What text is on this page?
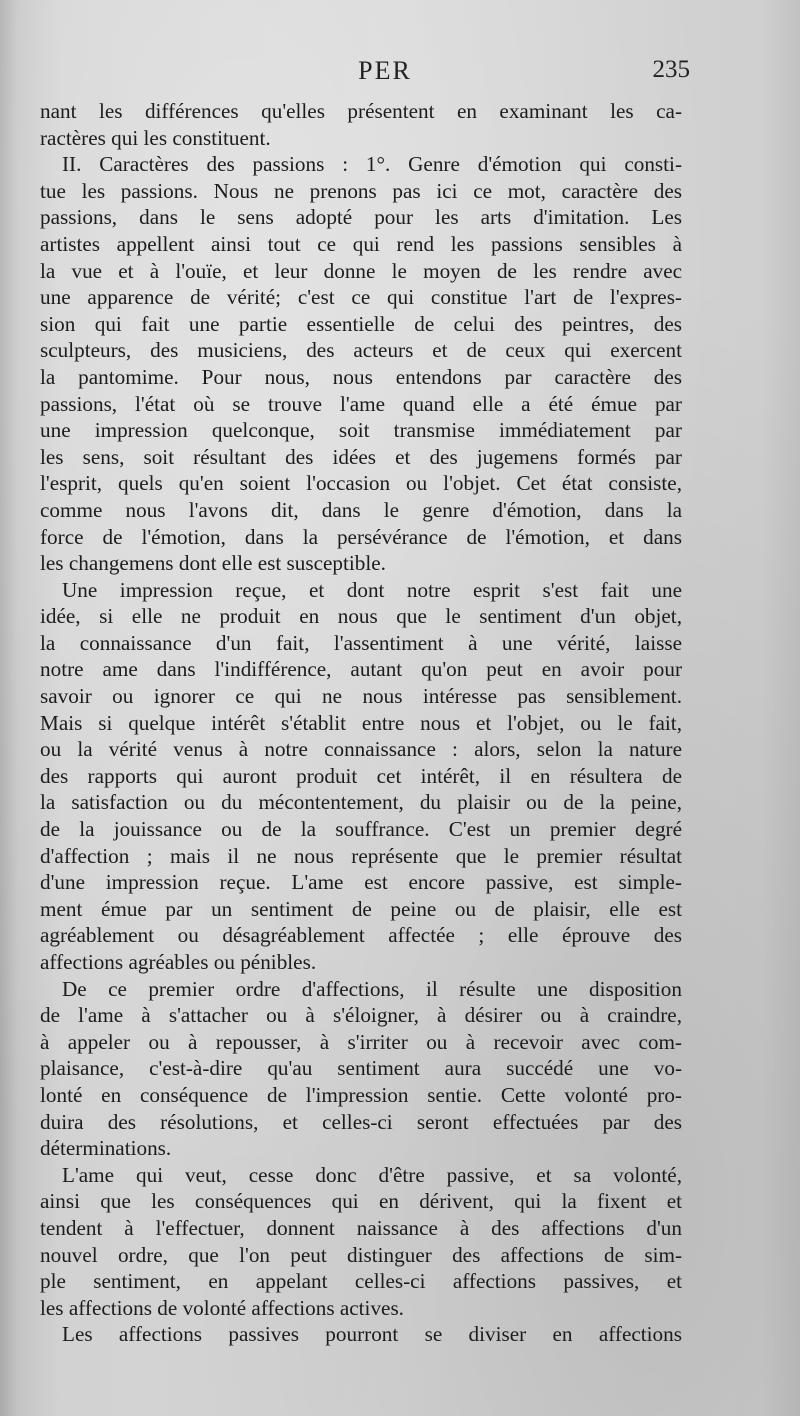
PER	235
nant les différences qu'elles présentent en examinant les ca-
ractères qui les constituent.
II. Caractères des passions : 1°. Genre d'émotion qui consti-
tue les passions. Nous ne prenons pas ici ce mot, caractère des
passions, dans le sens adopté pour les arts d'imitation. Les
artistes appellent ainsi tout ce qui rend les passions sensibles à
la vue et à l'ouïe, et leur donne le moyen de les rendre avec
une apparence de vérité; c'est ce qui constitue l'art de l'expres-
sion qui fait une partie essentielle de celui des peintres, des
sculpteurs, des musiciens, des acteurs et de ceux qui exercent
la pantomime. Pour nous, nous entendons par caractère des
passions, l'état où se trouve l'ame quand elle a été émue par
une impression quelconque, soit transmise immédiatement par
les sens, soit résultant des idées et des jugemens formés par
l'esprit, quels qu'en soient l'occasion ou l'objet. Cet état consiste,
comme nous l'avons dit, dans le genre d'émotion, dans la
force de l'émotion, dans la persévérance de l'émotion, et dans
les changemens dont elle est susceptible.
Une impression reçue, et dont notre esprit s'est fait une
idée, si elle ne produit en nous que le sentiment d'un objet,
la connaissance d'un fait, l'assentiment à une vérité, laisse
notre ame dans l'indifférence, autant qu'on peut en avoir pour
savoir ou ignorer ce qui ne nous intéresse pas sensiblement.
Mais si quelque intérêt s'établit entre nous et l'objet, ou le fait,
ou la vérité venus à notre connaissance : alors, selon la nature
des rapports qui auront produit cet intérêt, il en résultera de
la satisfaction ou du mécontentement, du plaisir ou de la peine,
de la jouissance ou de la souffrance. C'est un premier degré
d'affection ; mais il ne nous représente que le premier résultat
d'une impression reçue. L'ame est encore passive, est simple-
ment émue par un sentiment de peine ou de plaisir, elle est
agréablement ou désagréablement affectée ; elle éprouve des
affections agréables ou pénibles.
De ce premier ordre d'affections, il résulte une disposition
de l'ame à s'attacher ou à s'éloigner, à désirer ou à craindre,
à appeler ou à repousser, à s'irriter ou à recevoir avec com-
plaisance, c'est-à-dire qu'au sentiment aura succédé une vo-
lonté en conséquence de l'impression sentie. Cette volonté pro-
duira des résolutions, et celles-ci seront effectuées par des
déterminations.
L'ame qui veut, cesse donc d'être passive, et sa volonté,
ainsi que les conséquences qui en dérivent, qui la fixent et
tendent à l'effectuer, donnent naissance à des affections d'un
nouvel ordre, que l'on peut distinguer des affections de sim-
ple sentiment, en appelant celles-ci affections passives, et
les affections de volonté affections actives.
Les affections passives pourront se diviser en affections
